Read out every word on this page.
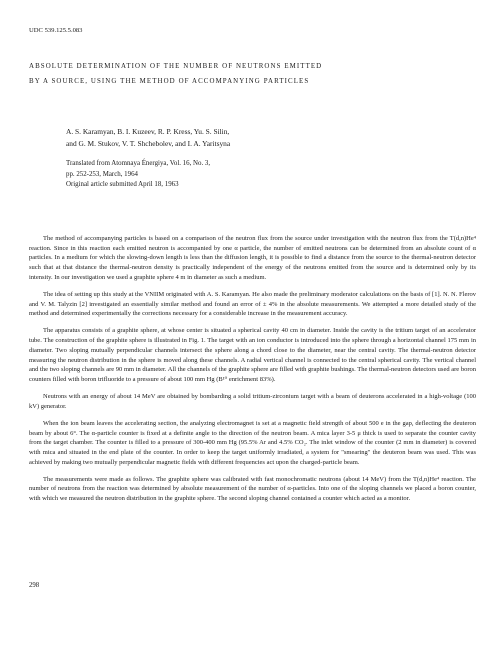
UDC 539.125.5.083
ABSOLUTE DETERMINATION OF THE NUMBER OF NEUTRONS EMITTED
BY A SOURCE, USING THE METHOD OF ACCOMPANYING PARTICLES
A. S. Karamyan, B. I. Kuzeev, R. P. Kress, Yu. S. Silin,
and G. M. Stukov, V. T. Shchebolev, and I. A. Yaritsyna
Translated from Atomnaya Énergiya, Vol. 16, No. 3,
pp. 252-253, March, 1964
Original article submitted April 18, 1963

The method of accompanying particles is based on a comparison of the neutron flux from the source under investigation with the neutron flux from the T(d,n)He⁴ reaction. Since in this reaction each emitted neutron is accompanied by one α particle, the number of emitted neutrons can be determined from an absolute count of α particles. In a medium for which the slowing-down length is less than the diffusion length, it is possible to find a distance from the source to the thermal-neutron detector such that at that distance the thermal-neutron density is practically independent of the energy of the neutrons emitted from the source and is determined only by its intensity. In our investigation we used a graphite sphere 4 m in diameter as such a medium.

The idea of setting up this study at the VNIIM originated with A. S. Karamyan. He also made the preliminary moderator calculations on the basis of [1]. N. N. Flerov and V. M. Talyzin [2] investigated an essentially similar method and found an error of ± 4% in the absolute measurements. We attempted a more detailed study of the method and determined experimentally the corrections necessary for a considerable increase in the measurement accuracy.

The apparatus consists of a graphite sphere, at whose center is situated a spherical cavity 40 cm in diameter. Inside the cavity is the tritium target of an accelerator tube. The construction of the graphite sphere is illustrated in Fig. 1. The target with an ion conductor is introduced into the sphere through a horizontal channel 175 mm in diameter. Two sloping mutually perpendicular channels intersect the sphere along a chord close to the diameter, near the central cavity. The thermal-neutron detector measuring the neutron distribution in the sphere is moved along these channels. A radial vertical channel is connected to the central spherical cavity. The vertical channel and the two sloping channels are 90 mm in diameter. All the channels of the graphite sphere are filled with graphite bushings. The thermal-neutron detectors used are boron counters filled with boron trifluoride to a pressure of about 100 mm Hg (B¹⁰ enrichment 83%).

Neutrons with an energy of about 14 MeV are obtained by bombarding a solid tritium-zirconium target with a beam of deuterons accelerated in a high-voltage (100 kV) generator.

When the ion beam leaves the accelerating section, the analyzing electromagnet is set at a magnetic field strength of about 500 e in the gap, deflecting the deuteron beam by about 6°. The α-particle counter is fixed at a definite angle to the direction of the neutron beam. A mica layer 3-5 μ thick is used to separate the counter cavity from the target chamber. The counter is filled to a pressure of 300-400 mm Hg (95.5% Ar and 4.5% CO₂. The inlet window of the counter (2 mm in diameter) is covered with mica and situated in the end plate of the counter. In order to keep the target uniformly irradiated, a system for "smearing" the deuteron beam was used. This was achieved by making two mutually perpendicular magnetic fields with different frequencies act upon the charged-particle beam.

The measurements were made as follows. The graphite sphere was calibrated with fast monochromatic neutrons (about 14 MeV) from the T(d,n)He⁴ reaction. The number of neutrons from the reaction was determined by absolute measurement of the number of α-particles. Into one of the sloping channels we placed a boron counter, with which we measured the neutron distribution in the graphite sphere. The second sloping channel contained a counter which acted as a monitor.

298
